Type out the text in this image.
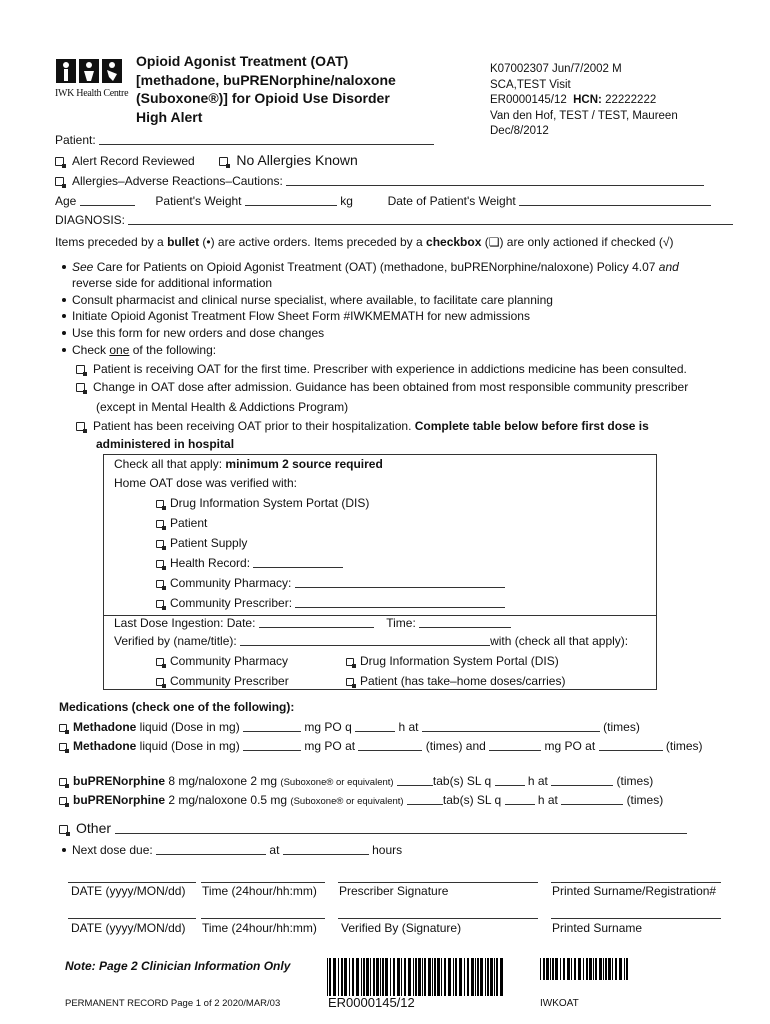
IWK Health Centre
Opioid Agonist Treatment (OAT)
[methadone, buPRENorphine/naloxone
(Suboxone®)] for Opioid Use Disorder
High Alert
K07002307 Jun/7/2002 M
SCA,TEST Visit
ER0000145/12 HCN: 22222222
Van den Hof, TEST / TEST, Maureen
Dec/8/2012
Patient:
Alert Record Reviewed	No Allergies Known
Allergies–Adverse Reactions–Cautions:
Age	Patient's Weight	kg	Date of Patient's Weight
DIAGNOSIS:
Items preceded by a bullet (•) are active orders. Items preceded by a checkbox (❏) are only actioned if checked (√)
See Care for Patients on Opioid Agonist Treatment (OAT) (methadone, buPRENorphine/naloxone) Policy 4.07 and
reverse side for additional information
Consult pharmacist and clinical nurse specialist, where available, to facilitate care planning
Initiate Opioid Agonist Treatment Flow Sheet Form #IWKMEMATH for new admissions
Use this form for new orders and dose changes
Check one of the following:
Patient is receiving OAT for the first time. Prescriber with experience in addictions medicine has been consulted.
Change in OAT dose after admission. Guidance has been obtained from most responsible community prescriber
(except in Mental Health & Addictions Program)
Patient has been receiving OAT prior to their hospitalization. Complete table below before first dose is
administered in hospital
Check all that apply: minimum 2 source required
Home OAT dose was verified with:
Drug Information System Portat (DIS)
Patient
Patient Supply
Health Record:
Community Pharmacy:
Community Prescriber:
Last Dose Ingestion: Date:	Time:
Verified by (name/title):	with (check all that apply):
Community Pharmacy	Drug Information System Portal (DIS)
Community Prescriber	Patient (has take–home doses/carries)
Medications (check one of the following):
Methadone liquid (Dose in mg)	mg PO q	h at	(times)
Methadone liquid (Dose in mg)	mg PO at	(times) and	mg PO at	(times)
buPRENorphine 8 mg/naloxone 2 mg (Suboxone® or equivalent)	tab(s) SL q	h at	(times)
buPRENorphine 2 mg/naloxone 0.5 mg (Suboxone® or equivalent)	tab(s) SL q	h at	(times)
Other
Next dose due:	at	hours
DATE (yyyy/MON/dd) Time (24hour/hh:mm) Prescriber Signature	Printed Surname/Registration#
DATE (yyyy/MON/dd) Time (24hour/hh:mm) Verified By (Signature)	Printed Surname
Note: Page 2 Clinician Information Only
PERMANENT RECORD Page 1 of 2 2020/MAR/03	ER0000145/12	IWKOAT
